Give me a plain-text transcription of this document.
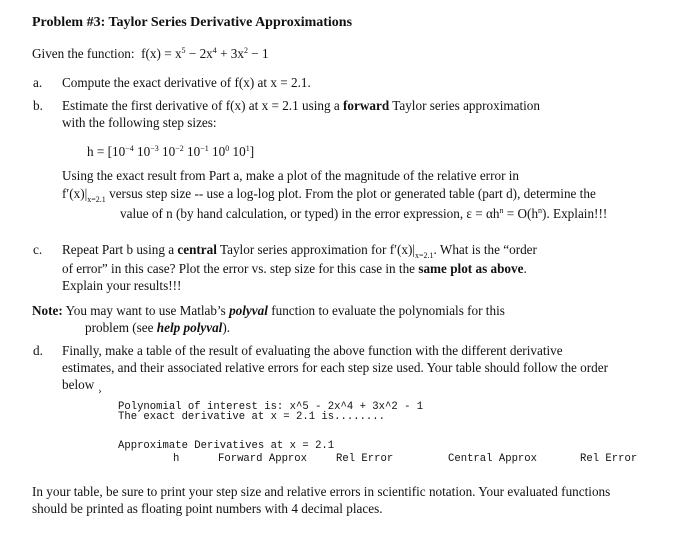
Problem #3: Taylor Series Derivative Approximations
Given the function: $f(x) = x^5 - 2x^4 + 3x^2 - 1$
a. Compute the exact derivative of f(x) at x = 2.1.
b. Estimate the first derivative of f(x) at x = 2.1 using a forward Taylor series approximation
with the following step sizes:
$h = [10^{-4}$ $10^{-3}$ $10^{-2}$ $10^{-1}$ $10^0$ $10^1$]
Using the exact result from Part a, make a plot of the magnitude of the relative error in
$f'(x)|_{x=2.1}$ versus step size -- use a log-log plot. From the plot or generated table (part d), determine the
value of n (by hand calculation, or typed) in the error expression, $\varepsilon = \alpha h^n = O(h^n)$. Explain!!!
c. Repeat Part b using a central Taylor series approximation for $f'(x)|_{x=2.1}$. What is the “order
of error” in this case? Plot the error vs. step size for this case in the same plot as above.
Explain your results!!!
Note: You may want to use Matlab’s polyval function to evaluate the polynomials for this
problem (see help polyval).
d. Finally, make a table of the result of evaluating the above function with the different derivative
estimates, and their associated relative errors for each step size used. Your table should follow the order
below $_›$
Polynomial of interest is: x^5 - 2x^4 + 3x^2 - 1
The exact derivative at x = 2.1 is........
Approximate Derivatives at x = 2.1
h	Forward Approx	Rel Error	Central Approx	Rel Error
In your table, be sure to print your step size and relative errors in scientific notation. Your evaluated functions
should be printed as floating point numbers with 4 decimal places.
